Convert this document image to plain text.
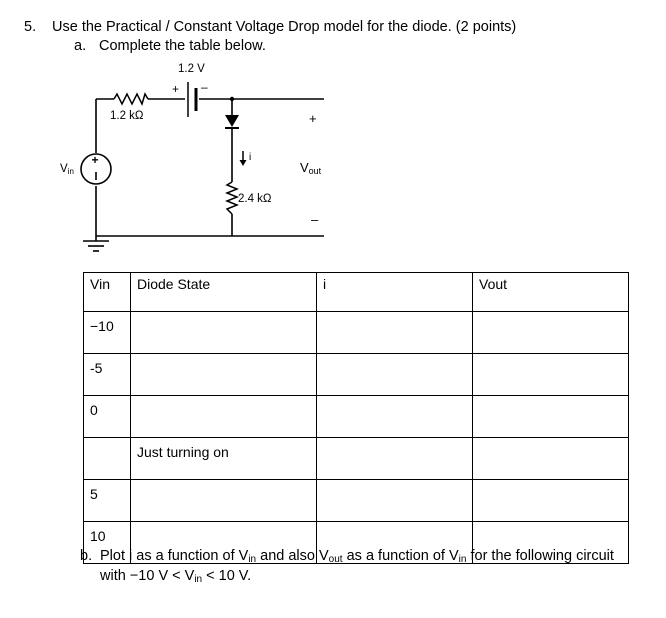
5. Use the Practical / Constant Voltage Drop model for the diode. (2 points)
a. Complete the table below.
1.2 kΩ
1.2 V
+ –
i
2.4 kΩ
+
Vin
+
Vout
–
Vin	Diode State	i	Vout
−10			
-5			
0			
	Just turning on		
5			
10			
b. Plot i as a function of $V_{in}$ and also $V_{out}$ as a function of $V_{in}$ for the following circuit
with −10 $V < V_{in} < 10$ V.
